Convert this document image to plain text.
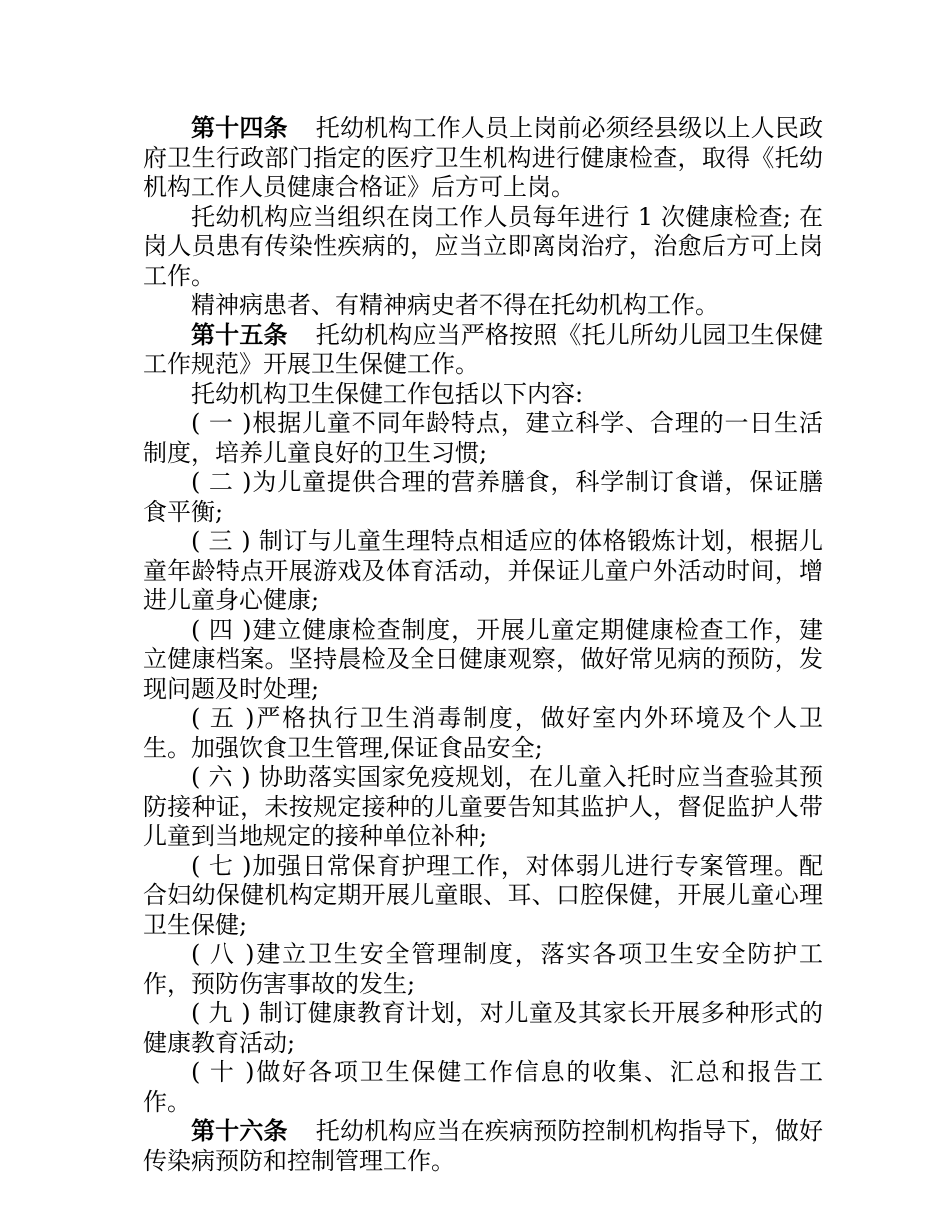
第十四条 托幼机构工作人员上岗前必须经县级以上人民政府卫生行政部门指定的医疗卫生机构进行健康检查，取得《托幼机构工作人员健康合格证》后方可上岗。

托幼机构应当组织在岗工作人员每年进行 1 次健康检查; 在岗人员患有传染性疾病的，应当立即离岗治疗，治愈后方可上岗工作。

精神病患者、有精神病史者不得在托幼机构工作。

第十五条 托幼机构应当严格按照《托儿所幼儿园卫生保健工作规范》开展卫生保健工作。

托幼机构卫生保健工作包括以下内容:

( 一 )根据儿童不同年龄特点，建立科学、合理的一日生活制度，培养儿童良好的卫生习惯;

( 二 )为儿童提供合理的营养膳食，科学制订食谱，保证膳食平衡;

( 三 ) 制订与儿童生理特点相适应的体格锻炼计划，根据儿童年龄特点开展游戏及体育活动，并保证儿童户外活动时间，增进儿童身心健康;

( 四 )建立健康检查制度，开展儿童定期健康检查工作，建立健康档案。坚持晨检及全日健康观察，做好常见病的预防，发现问题及时处理;

( 五 )严格执行卫生消毒制度，做好室内外环境及个人卫生。加强饮食卫生管理,保证食品安全;

( 六 ) 协助落实国家免疫规划，在儿童入托时应当查验其预防接种证，未按规定接种的儿童要告知其监护人，督促监护人带儿童到当地规定的接种单位补种;

( 七 )加强日常保育护理工作，对体弱儿进行专案管理。配合妇幼保健机构定期开展儿童眼、耳、口腔保健，开展儿童心理卫生保健;

( 八 )建立卫生安全管理制度，落实各项卫生安全防护工作，预防伤害事故的发生;

( 九 ) 制订健康教育计划，对儿童及其家长开展多种形式的健康教育活动;

( 十 )做好各项卫生保健工作信息的收集、汇总和报告工作。

第十六条 托幼机构应当在疾病预防控制机构指导下，做好传染病预防和控制管理工作。
